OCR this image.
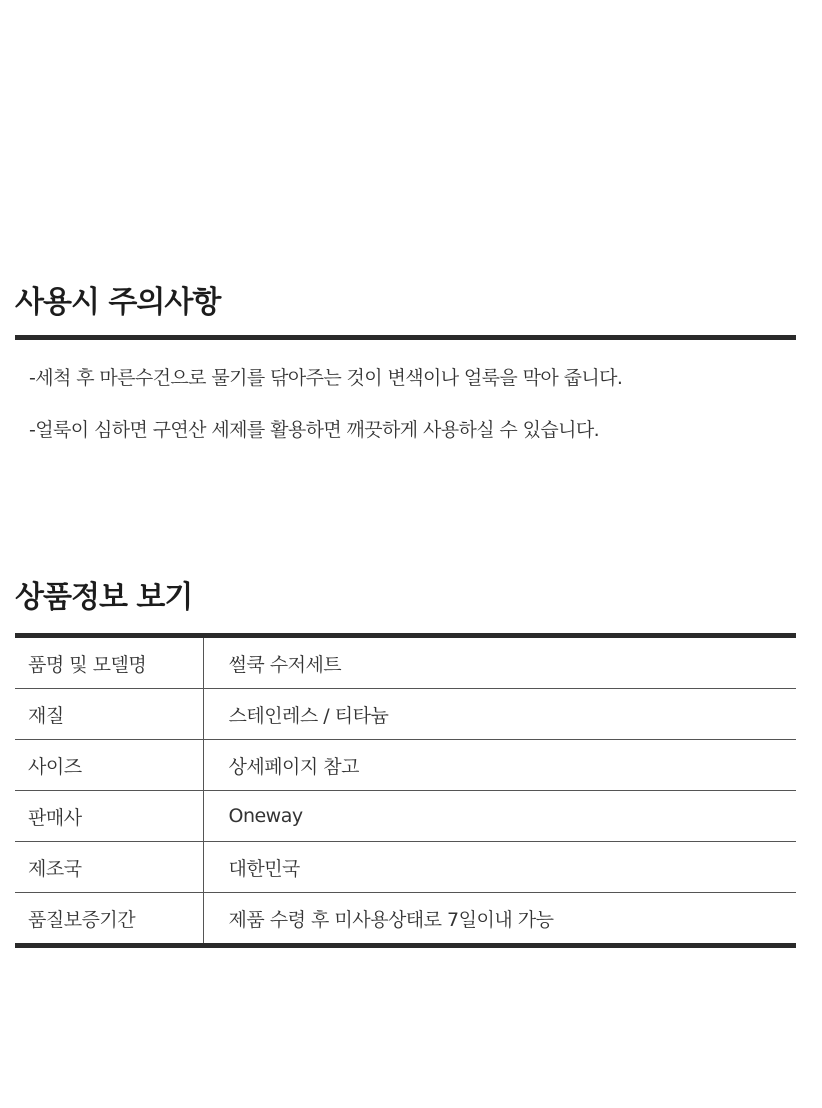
사용시 주의사항
-세척 후 마른수건으로 물기를 닦아주는 것이 변색이나 얼룩을 막아 줍니다.
-얼룩이 심하면 구연산 세제를 활용하면 깨끗하게 사용하실 수 있습니다.
상품정보 보기
품명 및 모델명	썰쿡 수저세트
재질	스테인레스 / 티타늄
사이즈	상세페이지 참고
판매사	Oneway
제조국	대한민국
품질보증기간	제품 수령 후 미사용상태로 7일이내 가능
